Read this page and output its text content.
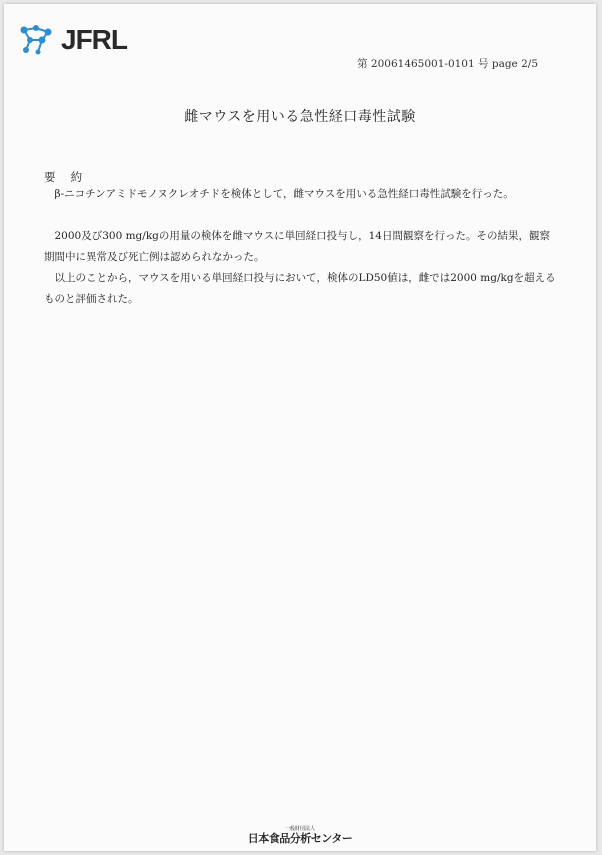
JFRL
第 20061465001-0101 号 page 2/5
雌マウスを用いる急性経口毒性試験
要　 約

β-ニコチンアミドモノヌクレオチドを検体として，雌マウスを用いる急性経口毒性試験を行った。

2000及び300 mg/kgの用量の検体を雌マウスに単回経口投与し，14日間観察を行った。その結果，観察期間中に異常及び死亡例は認められなかった。

以上のことから，マウスを用いる単回経口投与において，検体のLD50値は，雌では2000 mg/kgを超えるものと評価された。

一般財団法人
日本食品分析センター
